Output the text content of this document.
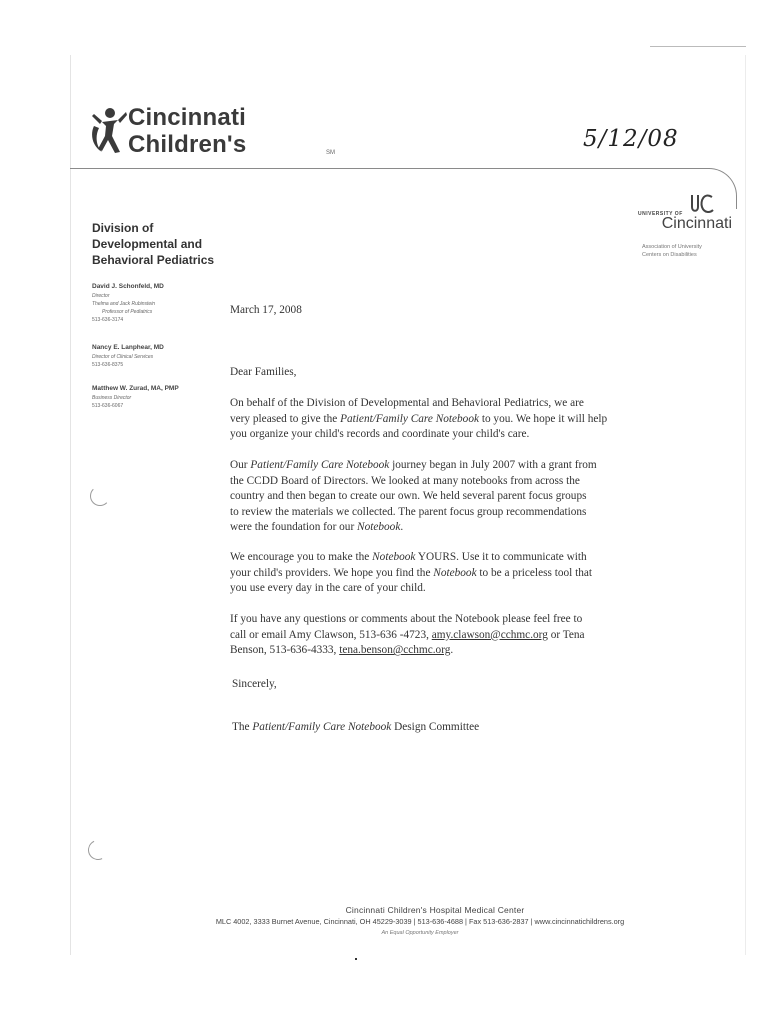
Cincinnati
Children's	SM
5/12/08
UNIVERSITY OF
Cincinnati
Association of University
Centers on Disabilities
Division of
Developmental and
Behavioral Pediatrics
David J. Schonfeld, MD
Director
Thelma and Jack Rubinstein
Professor of Pediatrics
513-636-3174
Nancy E. Lanphear, MD
Director of Clinical Services
513-636-8375
Matthew W. Zurad, MA, PMP
Business Director
513-636-6067
March 17, 2008
Dear Families,
On behalf of the Division of Developmental and Behavioral Pediatrics, we are
very pleased to give the Patient/Family Care Notebook to you. We hope it will help
you organize your child's records and coordinate your child's care.
Our Patient/Family Care Notebook journey began in July 2007 with a grant from
the CCDD Board of Directors. We looked at many notebooks from across the
country and then began to create our own. We held several parent focus groups
to review the materials we collected. The parent focus group recommendations
were the foundation for our Notebook.
We encourage you to make the Notebook YOURS. Use it to communicate with
your child's providers. We hope you find the Notebook to be a priceless tool that
you use every day in the care of your child.
If you have any questions or comments about the Notebook please feel free to
call or email Amy Clawson, 513-636 -4723, amy.clawson@cchmc.org or Tena
Benson, 513-636-4333, tena.benson@cchmc.org.
Sincerely,
The Patient/Family Care Notebook Design Committee
Cincinnati Children's Hospital Medical Center
MLC 4002, 3333 Burnet Avenue, Cincinnati, OH 45229-3039 | 513-636-4688 | Fax 513-636-2837 | www.cincinnatichildrens.org
An Equal Opportunity Employer
